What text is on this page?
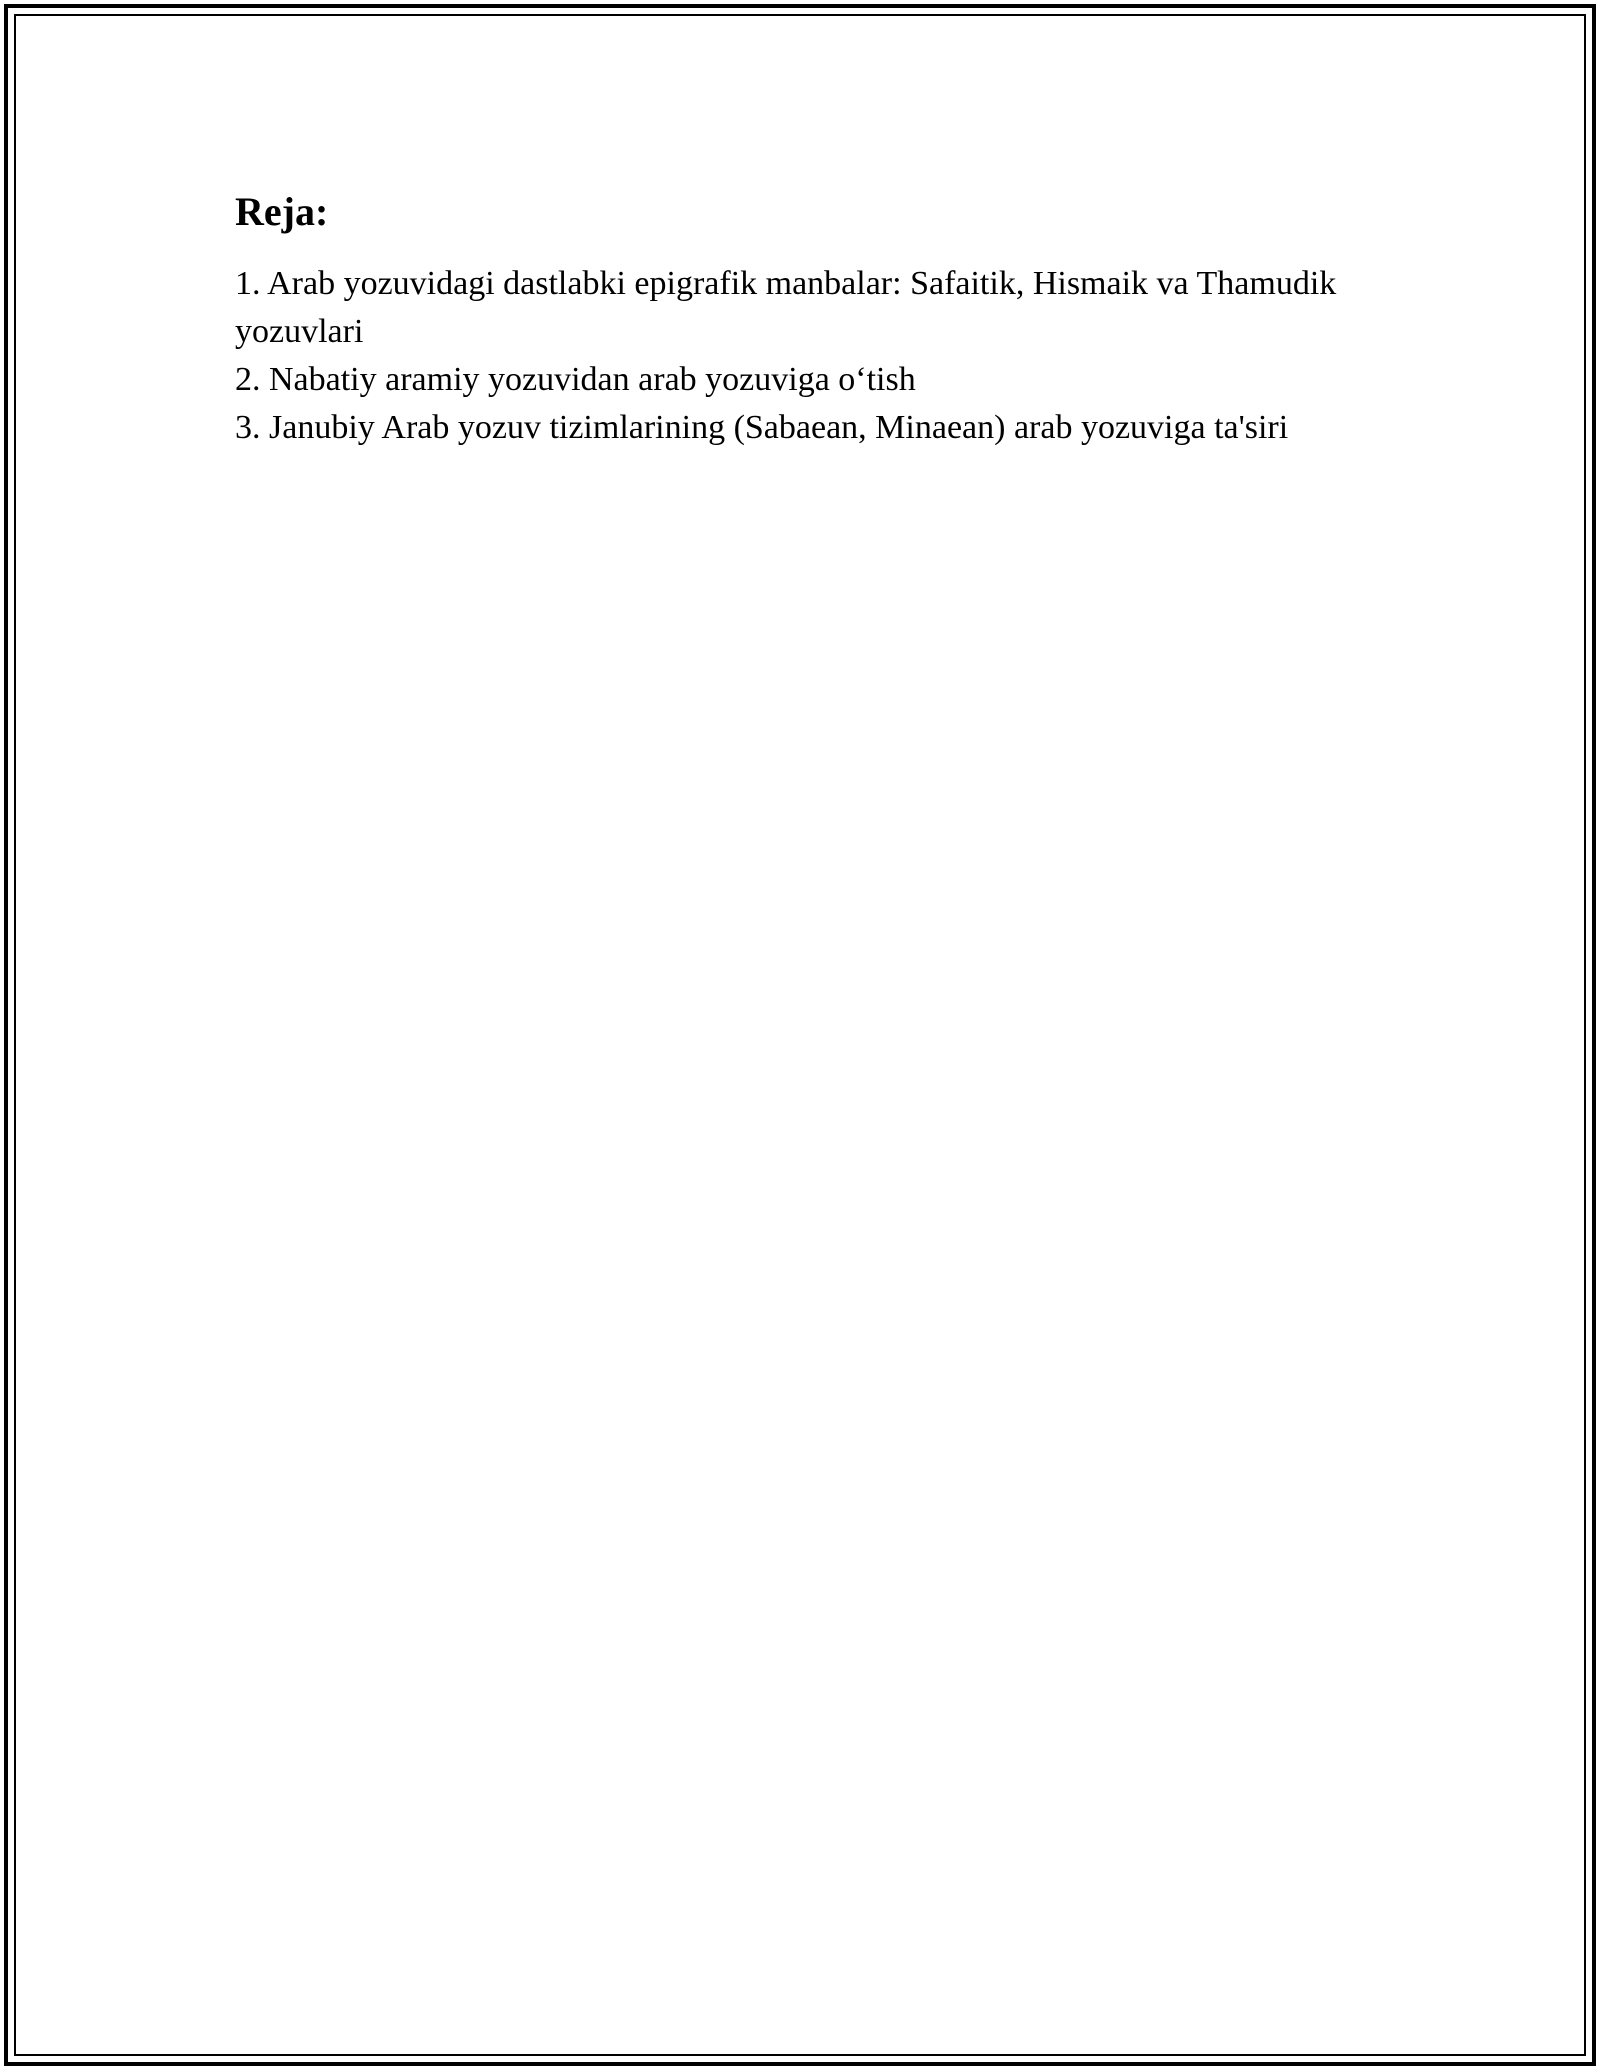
Reja:
1. Arab yozuvidagi dastlabki epigrafik manbalar: Safaitik, Hismaik va Thamudik yozuvlari
2. Nabatiy aramiy yozuvidan arab yozuviga o‘tish
3. Janubiy Arab yozuv tizimlarining (Sabaean, Minaean) arab yozuviga ta'siri
